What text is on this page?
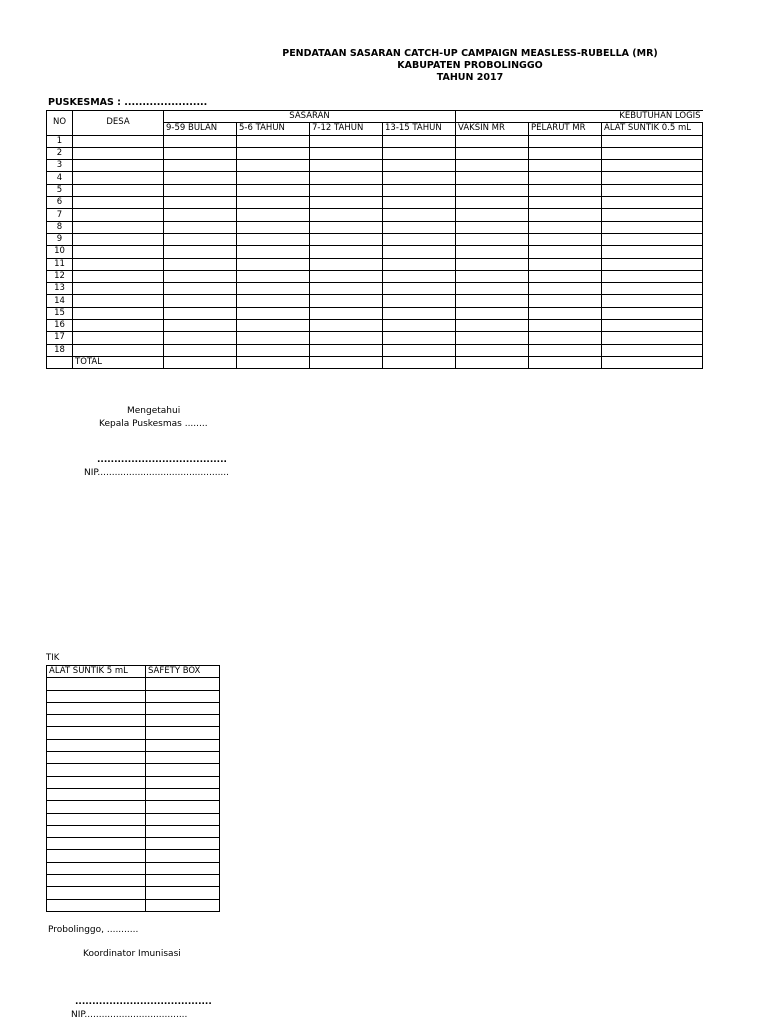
PENDATAAN SASARAN CATCH-UP CAMPAIGN MEASLESS-RUBELLA (MR)
KABUPATEN PROBOLINGGO
TAHUN 2017
PUSKESMAS : .......................
NO	DESA	SASARAN				KEBUTUHAN LOGIS		
		9-59 BULAN	5-6 TAHUN	7-12 TAHUN	13-15 TAHUN	VAKSIN MR	PELARUT MR	ALAT SUNTIK 0.5 mL
1								
2								
3								
4								
5								
6								
7								
8								
9								
10								
11								
12								
13								
14								
15								
16								
17								
18								
	TOTAL							
TIK
ALAT SUNTIK 5 mL	SAFETY BOX

Mengetahui
Kepala Puskesmas ........
......................................
NIP..............................................
Probolinggo, ...........
Koordinator Imunisasi
........................................
NIP....................................
